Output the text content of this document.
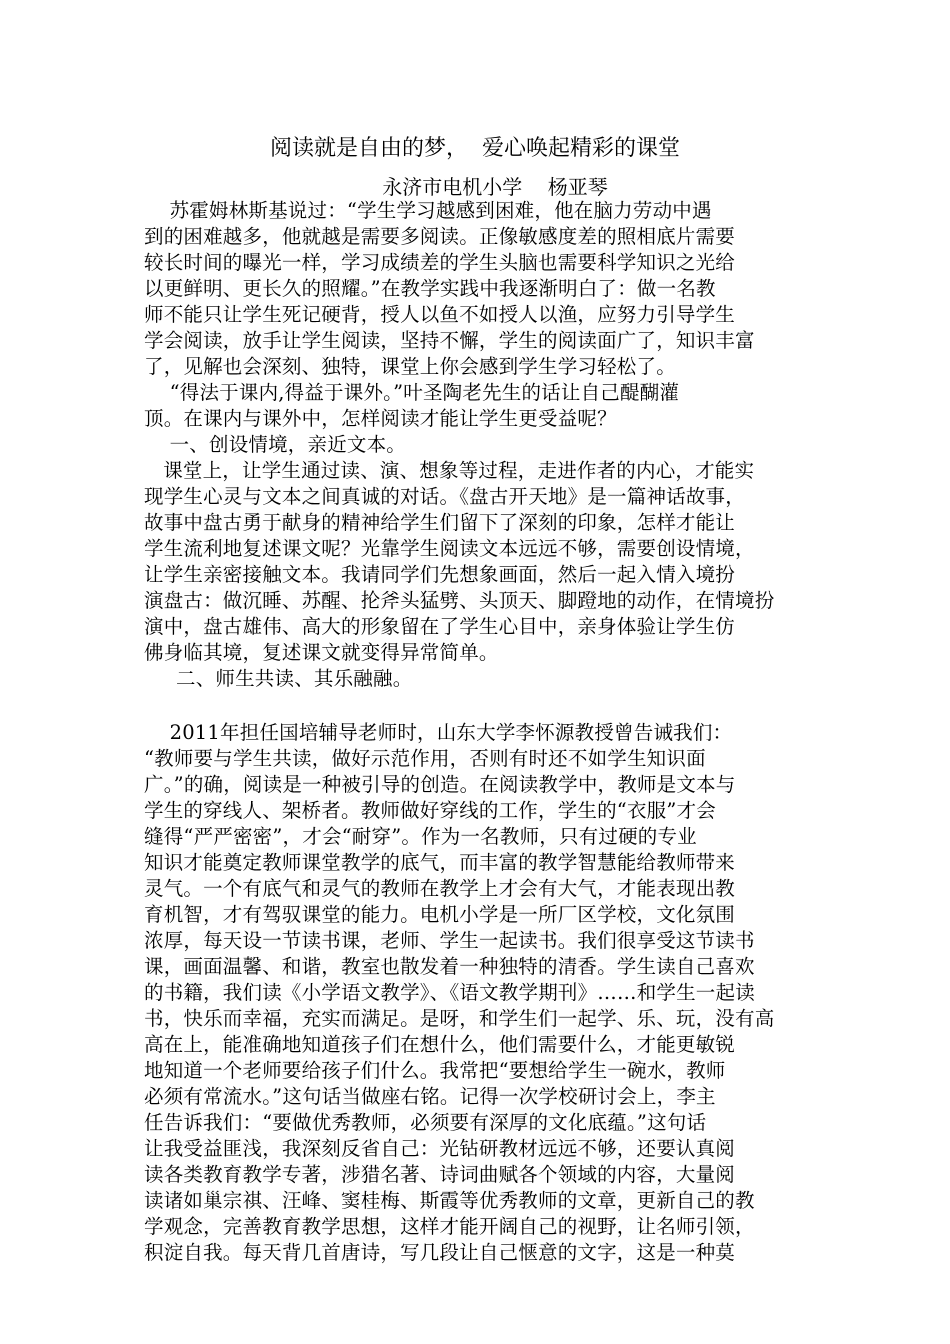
阅读就是自由的梦，  爱心唤起精彩的课堂
永济市电机小学    杨亚琴
苏霍姆林斯基说过：“学生学习越感到困难，他在脑力劳动中遇
到的困难越多，他就越是需要多阅读。正像敏感度差的照相底片需要
较长时间的曝光一样，学习成绩差的学生头脑也需要科学知识之光给
以更鲜明、更长久的照耀。”在教学实践中我逐渐明白了：做一名教
师不能只让学生死记硬背，授人以鱼不如授人以渔，应努力引导学生
学会阅读，放手让学生阅读，坚持不懈，学生的阅读面广了，知识丰富
了，见解也会深刻、独特，课堂上你会感到学生学习轻松了。
“得法于课内,得益于课外。”叶圣陶老先生的话让自己醍醐灌
顶。在课内与课外中，怎样阅读才能让学生更受益呢？
一、创设情境，亲近文本。
课堂上，让学生通过读、演、想象等过程，走进作者的内心，才能实
现学生心灵与文本之间真诚的对话。《盘古开天地》是一篇神话故事，
故事中盘古勇于献身的精神给学生们留下了深刻的印象，怎样才能让
学生流利地复述课文呢？光靠学生阅读文本远远不够，需要创设情境，
让学生亲密接触文本。我请同学们先想象画面，然后一起入情入境扮
演盘古：做沉睡、苏醒、抡斧头猛劈、头顶天、脚蹬地的动作，在情境扮
演中，盘古雄伟、高大的形象留在了学生心目中，亲身体验让学生仿
佛身临其境，复述课文就变得异常简单。
二、师生共读、其乐融融。
2011年担任国培辅导老师时，山东大学李怀源教授曾告诫我们：
“教师要与学生共读，做好示范作用，否则有时还不如学生知识面
广。”的确，阅读是一种被引导的创造。在阅读教学中，教师是文本与
学生的穿线人、架桥者。教师做好穿线的工作，学生的“衣服”才会
缝得“严严密密”，才会“耐穿”。作为一名教师，只有过硬的专业
知识才能奠定教师课堂教学的底气，而丰富的教学智慧能给教师带来
灵气。一个有底气和灵气的教师在教学上才会有大气，才能表现出教
育机智，才有驾驭课堂的能力。电机小学是一所厂区学校，文化氛围
浓厚，每天设一节读书课，老师、学生一起读书。我们很享受这节读书
课，画面温馨、和谐，教室也散发着一种独特的清香。学生读自己喜欢
的书籍，我们读《小学语文教学》、《语文教学期刊》……和学生一起读
书，快乐而幸福，充实而满足。是呀，和学生们一起学、乐、玩，没有高
高在上，能准确地知道孩子们在想什么，他们需要什么，才能更敏锐
地知道一个老师要给孩子们什么。我常把“要想给学生一碗水，教师
必须有常流水。”这句话当做座右铭。记得一次学校研讨会上，李主
任告诉我们：“要做优秀教师，必须要有深厚的文化底蕴。”这句话
让我受益匪浅，我深刻反省自己：光钻研教材远远不够，还要认真阅
读各类教育教学专著，涉猎名著、诗词曲赋各个领域的内容，大量阅
读诸如巢宗祺、汪峰、窦桂梅、斯霞等优秀教师的文章，更新自己的教
学观念，完善教育教学思想，这样才能开阔自己的视野，让名师引领，
积淀自我。每天背几首唐诗，写几段让自己惬意的文字，这是一种莫
